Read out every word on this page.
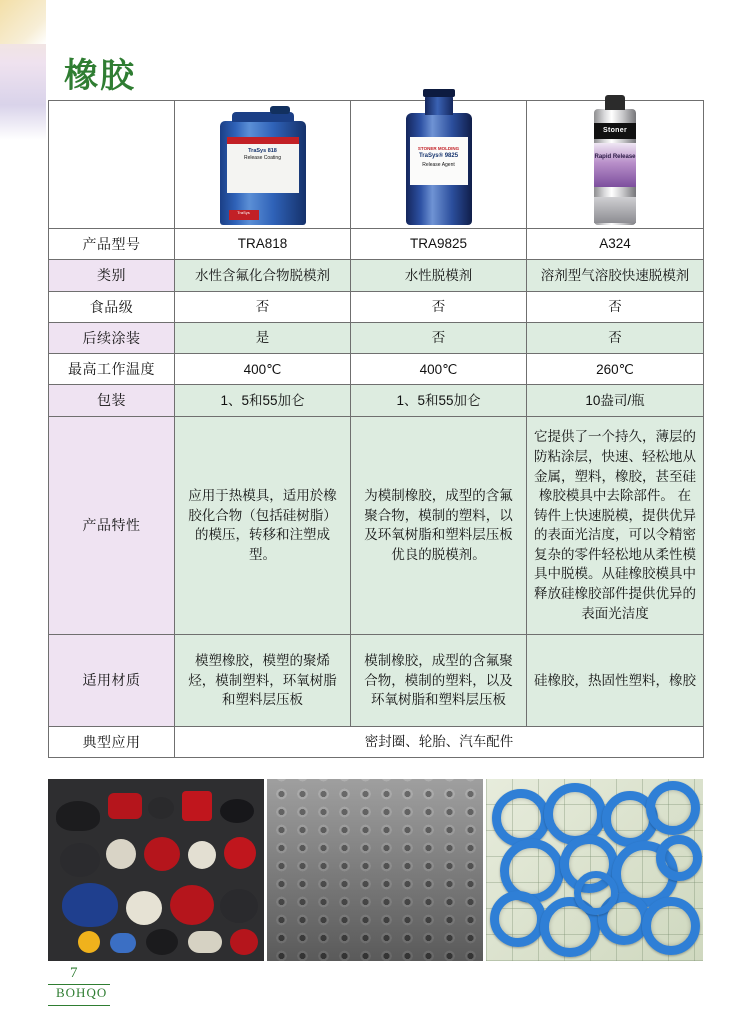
橡胶

TraSys 818
Release Coating
TraSys

STONER MOLDING
TraSys® 9825
Release Agent

Stoner
Rapid Release

产品型号	TRA818	TRA9825	A324
类别	水性含氟化合物脱模剂	水性脱模剂	溶剂型气溶胶快速脱模剂
食品级	否	否	否
后续涂装	是	否	否
最高工作温度	400℃	400℃	260℃
包装	1、5和55加仑	1、5和55加仑	10盎司/瓶
产品特性	应用于热模具，适用於橡胶化合物（包括硅树脂）的模压，转移和注塑成型。	为模制橡胶，成型的含氟聚合物，模制的塑料，以及环氧树脂和塑料层压板优良的脱模剂。	它提供了一个持久，薄层的防粘涂层，快速、轻松地从金属，塑料，橡胶，甚至硅橡胶模具中去除部件。 在铸件上快速脱模，提供优异的表面光洁度，可以令精密复杂的零件轻松地从柔性模具中脱模。从硅橡胶模具中释放硅橡胶部件提供优异的表面光洁度
适用材质	模塑橡胶，模塑的聚烯烃，模制塑料，环氧树脂和塑料层压板	模制橡胶，成型的含氟聚合物，模制的塑料，以及环氧树脂和塑料层压板	硅橡胶，热固性塑料，橡胶
典型应用	密封圈、轮胎、汽车配件		
7
BOHQO
